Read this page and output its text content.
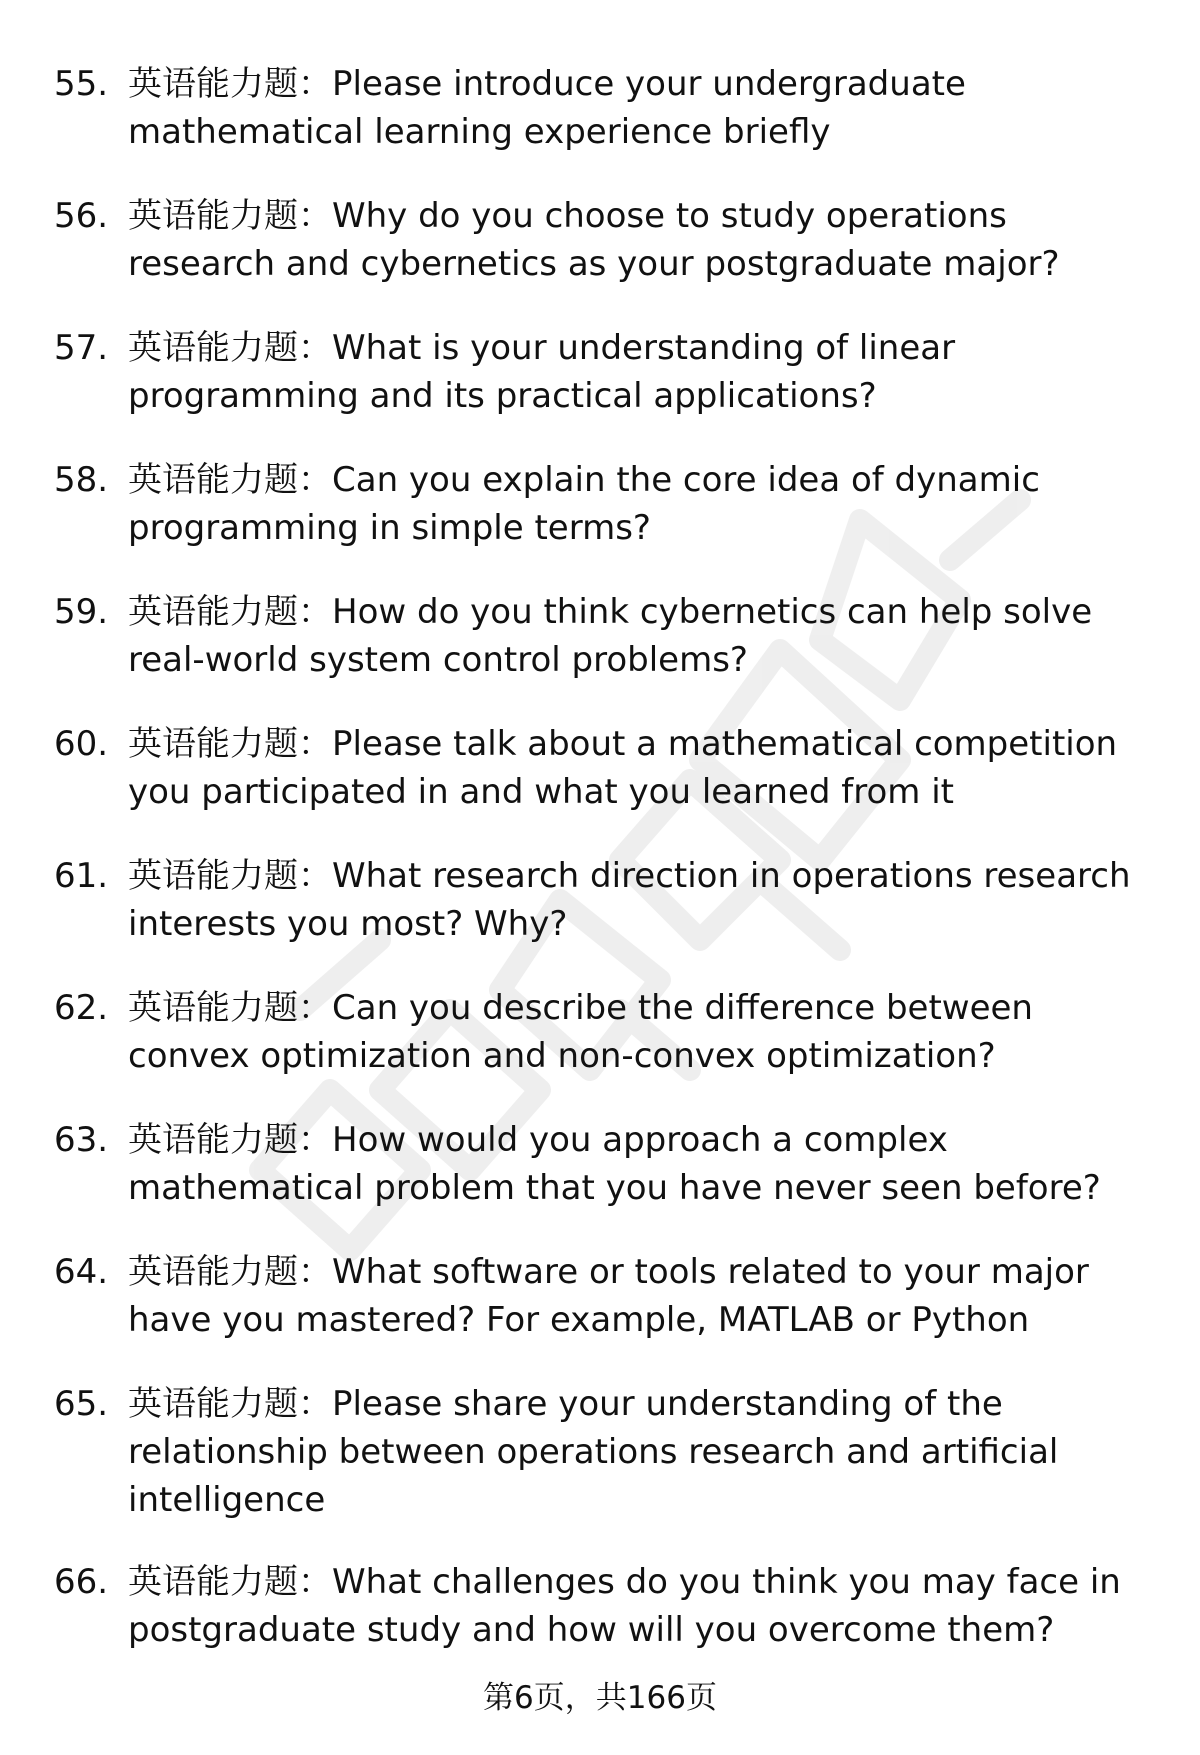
55. 英语能力题：Please introduce your undergraduate
mathematical learning experience briefly
56. 英语能力题：Why do you choose to study operations
research and cybernetics as your postgraduate major?
57. 英语能力题：What is your understanding of linear
programming and its practical applications?
58. 英语能力题：Can you explain the core idea of dynamic
programming in simple terms?
59. 英语能力题：How do you think cybernetics can help solve
real-world system control problems?
60. 英语能力题：Please talk about a mathematical competition
you participated in and what you learned from it
61. 英语能力题：What research direction in operations research
interests you most? Why?
62. 英语能力题：Can you describe the difference between
convex optimization and non-convex optimization?
63. 英语能力题：How would you approach a complex
mathematical problem that you have never seen before?
64. 英语能力题：What software or tools related to your major
have you mastered? For example, MATLAB or Python
65. 英语能力题：Please share your understanding of the
relationship between operations research and artificial
intelligence
66. 英语能力题：What challenges do you think you may face in
postgraduate study and how will you overcome them?
第6页，共166页
